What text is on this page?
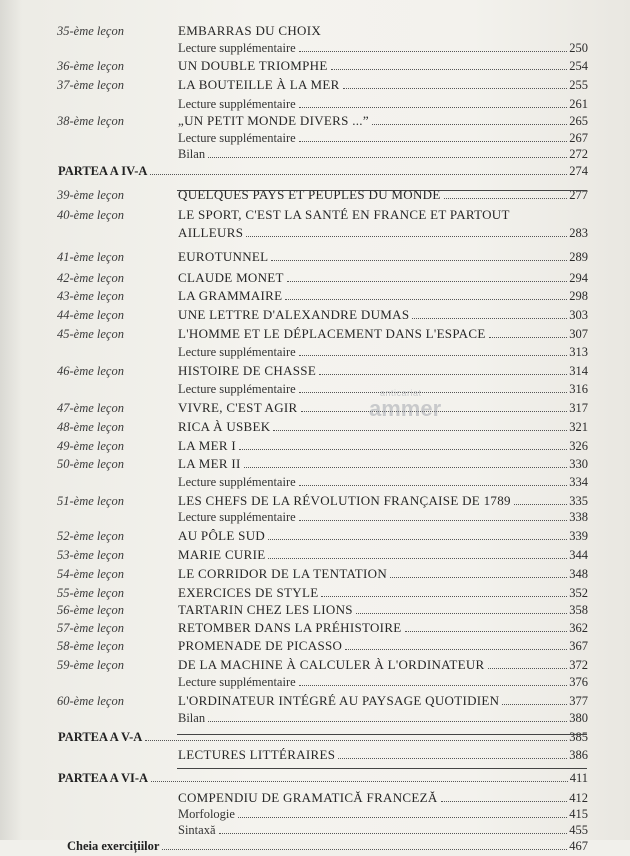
35-ème leçon	EMBARRAS DU CHOIX
Lecture supplémentaire	250
36-ème leçon	UN DOUBLE TRIOMPHE	254
37-ème leçon	LA BOUTEILLE À LA MER	255
Lecture supplémentaire	261
38-ème leçon	„UN PETIT MONDE DIVERS ...”	265
Lecture supplémentaire	267
Bilan	272
PARTEA A IV-A	274
39-ème leçon	QUELQUES PAYS ET PEUPLES DU MONDE	277
40-ème leçon	LE SPORT, C'EST LA SANTÉ EN FRANCE ET PARTOUT
AILLEURS	283
41-ème leçon	EUROTUNNEL	289
42-ème leçon	CLAUDE MONET	294
43-ème leçon	LA GRAMMAIRE	298
44-ème leçon	UNE LETTRE D'ALEXANDRE DUMAS	303
45-ème leçon	L'HOMME ET LE DÉPLACEMENT DANS L'ESPACE	307
Lecture supplémentaire	313
46-ème leçon	HISTOIRE DE CHASSE	314
Lecture supplémentaire	316
47-ème leçon	VIVRE, C'EST AGIR	317
48-ème leçon	RICA À USBEK	321
49-ème leçon	LA MER I	326
50-ème leçon	LA MER II	330
Lecture supplémentaire	334
51-ème leçon	LES CHEFS DE LA RÉVOLUTION FRANÇAISE DE 1789	335
Lecture supplémentaire	338
52-ème leçon	AU PÔLE SUD	339
53-ème leçon	MARIE CURIE	344
54-ème leçon	LE CORRIDOR DE LA TENTATION	348
55-ème leçon	EXERCICES DE STYLE	352
56-ème leçon	TARTARIN CHEZ LES LIONS	358
57-ème leçon	RETOMBER DANS LA PRÉHISTOIRE	362
58-ème leçon	PROMENADE DE PICASSO	367
59-ème leçon	DE LA MACHINE À CALCULER À L'ORDINATEUR	372
Lecture supplémentaire	376
60-ème leçon	L'ORDINATEUR INTÉGRÉ AU PAYSAGE QUOTIDIEN	377
Bilan	380
PARTEA A V-A	385
LECTURES LITTÉRAIRES	386
PARTEA A VI-A	411
COMPENDIU DE GRAMATICĂ FRANCEZĂ	412
Morfologie	415
Sintaxă	455
Cheia exercițiilor	467
anticariat
ammer
